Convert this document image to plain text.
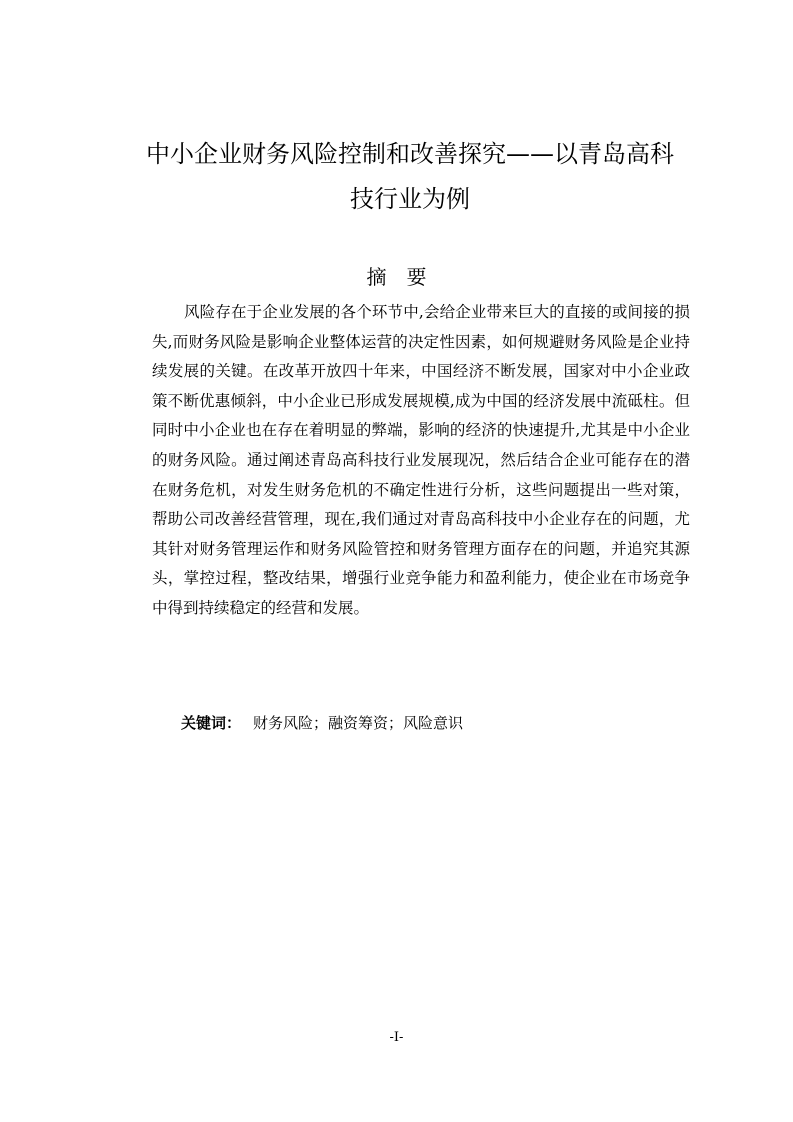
中小企业财务风险控制和改善探究——以青岛高科
技行业为例
摘要

风险存在于企业发展的各个环节中,会给企业带来巨大的直接的或间接的损失,而财务风险是影响企业整体运营的决定性因素，如何规避财务风险是企业持续发展的关键。在改革开放四十年来，中国经济不断发展，国家对中小企业政策不断优惠倾斜，中小企业已形成发展规模,成为中国的经济发展中流砥柱。但同时中小企业也在存在着明显的弊端，影响的经济的快速提升,尤其是中小企业的财务风险。通过阐述青岛高科技行业发展现况，然后结合企业可能存在的潜在财务危机，对发生财务危机的不确定性进行分析，这些问题提出一些对策，帮助公司改善经营管理，现在,我们通过对青岛高科技中小企业存在的问题，尤其针对财务管理运作和财务风险管控和财务管理方面存在的问题，并追究其源头，掌控过程，整改结果，增强行业竞争能力和盈利能力，使企业在市场竞争中得到持续稳定的经营和发展。

关键词： 财务风险；融资筹资；风险意识
-I-
